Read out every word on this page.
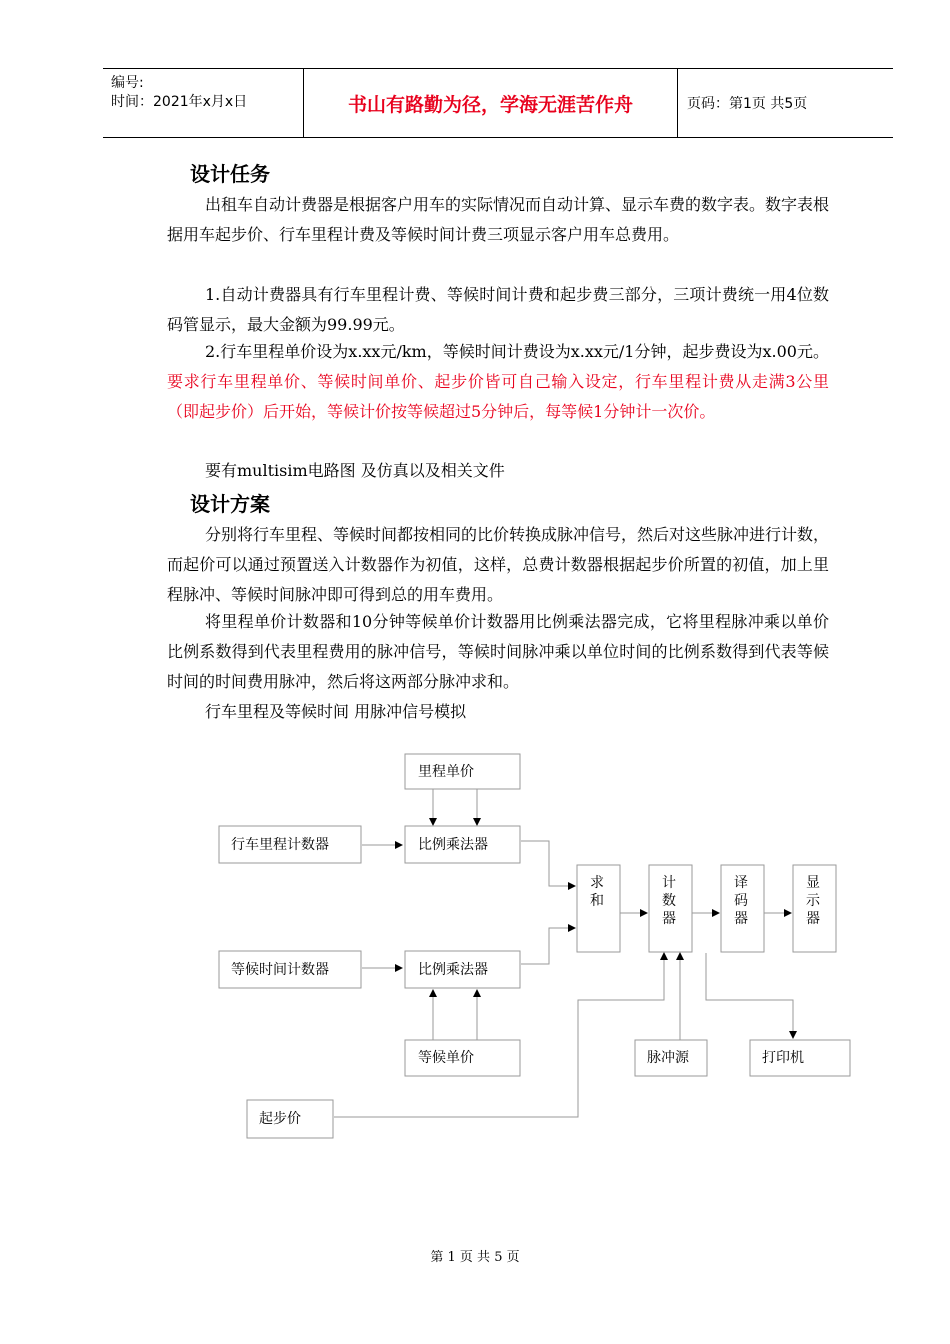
编号:
时间：2021年x月x日	书山有路勤为径，学海无涯苦作舟	页码：第1页 共5页
设计任务

出租车自动计费器是根据客户用车的实际情况而自动计算、显示车费的数字表。数字表根据用车起步价、行车里程计费及等候时间计费三项显示客户用车总费用。

1.自动计费器具有行车里程计费、等候时间计费和起步费三部分，三项计费统一用4位数码管显示，最大金额为99.99元。

2.行车里程单价设为x.xx元/km，等候时间计费设为x.xx元/1分钟，起步费设为x.00元。要求行车里程单价、等候时间单价、起步价皆可自己输入设定，行车里程计费从走满3公里（即起步价）后开始，等候计价按等候超过5分钟后，每等候1分钟计一次价。

要有multisim电路图 及仿真以及相关文件

设计方案

分别将行车里程、等候时间都按相同的比价转换成脉冲信号，然后对这些脉冲进行计数，而起价可以通过预置送入计数器作为初值，这样，总费计数器根据起步价所置的初值，加上里程脉冲、等候时间脉冲即可得到总的用车费用。

将里程单价计数器和10分钟等候单价计数器用比例乘法器完成，它将里程脉冲乘以单价比例系数得到代表里程费用的脉冲信号，等候时间脉冲乘以单位时间的比例系数得到代表等候时间的时间费用脉冲，然后将这两部分脉冲求和。

行车里程及等候时间 用脉冲信号模拟

里程单价
行车里程计数器	比例乘法器
求
和
计
数
器
译
码
器
显
示
器
等候时间计数器	比例乘法器
等候单价	脉冲源	打印机
起步价
第 1 页 共 5 页
